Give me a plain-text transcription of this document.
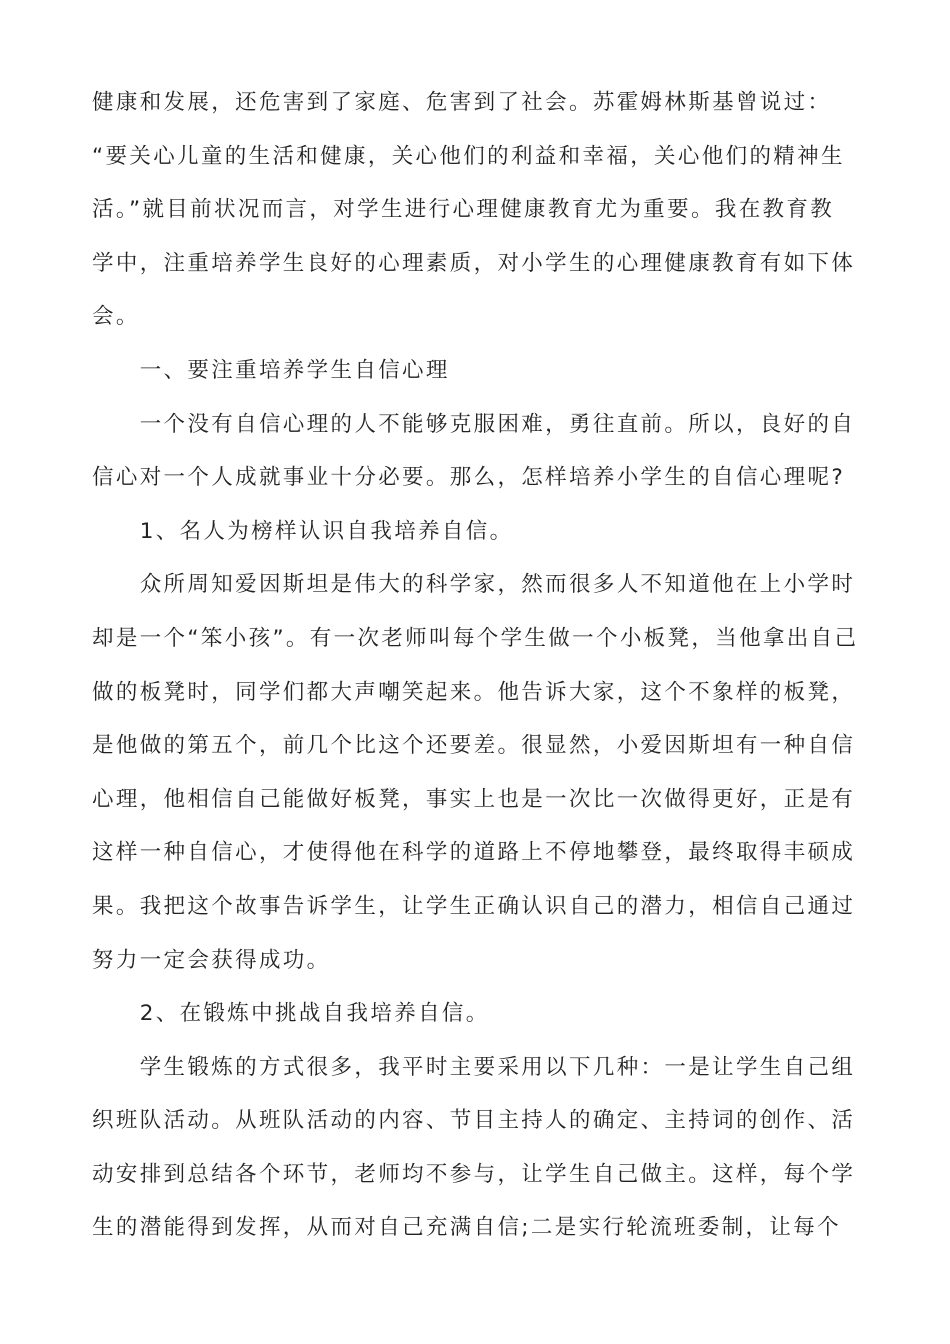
健康和发展，还危害到了家庭、危害到了社会。苏霍姆林斯基曾说过：
“要关心儿童的生活和健康，关心他们的利益和幸福，关心他们的精神生
活。”就目前状况而言，对学生进行心理健康教育尤为重要。我在教育教
学中，注重培养学生良好的心理素质，对小学生的心理健康教育有如下体
会。
　　一、要注重培养学生自信心理
　　一个没有自信心理的人不能够克服困难，勇往直前。所以，良好的自
信心对一个人成就事业十分必要。那么，怎样培养小学生的自信心理呢?
　　1、名人为榜样认识自我培养自信。
　　众所周知爱因斯坦是伟大的科学家，然而很多人不知道他在上小学时
却是一个“笨小孩”。有一次老师叫每个学生做一个小板凳，当他拿出自己
做的板凳时，同学们都大声嘲笑起来。他告诉大家，这个不象样的板凳，
是他做的第五个，前几个比这个还要差。很显然，小爱因斯坦有一种自信
心理，他相信自己能做好板凳，事实上也是一次比一次做得更好，正是有
这样一种自信心，才使得他在科学的道路上不停地攀登，最终取得丰硕成
果。我把这个故事告诉学生，让学生正确认识自己的潜力，相信自己通过
努力一定会获得成功。
　　2、在锻炼中挑战自我培养自信。
　　学生锻炼的方式很多，我平时主要采用以下几种：一是让学生自己组
织班队活动。从班队活动的内容、节目主持人的确定、主持词的创作、活
动安排到总结各个环节，老师均不参与，让学生自己做主。这样，每个学
生的潜能得到发挥，从而对自己充满自信;二是实行轮流班委制，让每个
